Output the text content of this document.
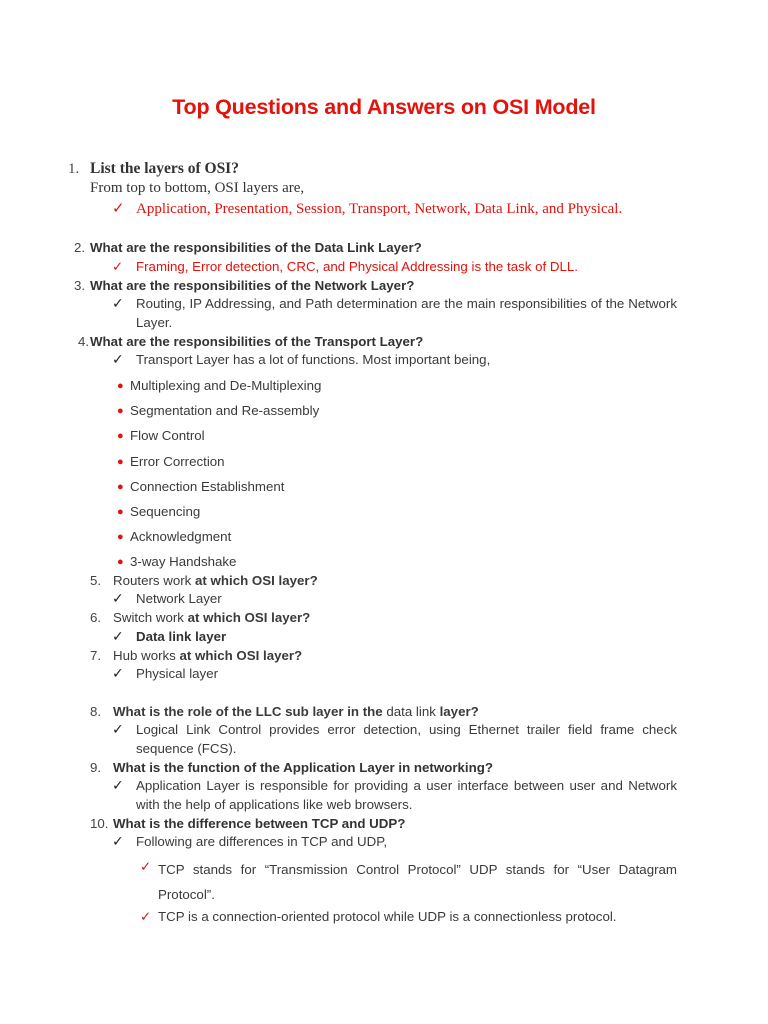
Top Questions and Answers on OSI Model
1. List the layers of OSI?
From top to bottom, OSI layers are,
✓ Application, Presentation, Session, Transport, Network, Data Link, and Physical.
2. What are the responsibilities of the Data Link Layer?
✓ Framing, Error detection, CRC, and Physical Addressing is the task of DLL.
3. What are the responsibilities of the Network Layer?
✓ Routing, IP Addressing, and Path determination are the main responsibilities of the Network Layer.
4. What are the responsibilities of the Transport Layer?
✓ Transport Layer has a lot of functions. Most important being,
● Multiplexing and De-Multiplexing
● Segmentation and Re-assembly
● Flow Control
● Error Correction
● Connection Establishment
● Sequencing
● Acknowledgment
● 3-way Handshake
5. Routers work at which OSI layer?
✓ Network Layer
6. Switch work at which OSI layer?
✓ Data link layer
7. Hub works at which OSI layer?
✓ Physical layer
8. What is the role of the LLC sub layer in the data link layer?
✓ Logical Link Control provides error detection, using Ethernet trailer field frame check sequence (FCS).
9. What is the function of the Application Layer in networking?
✓ Application Layer is responsible for providing a user interface between user and Network with the help of applications like web browsers.
10. What is the difference between TCP and UDP?
✓ Following are differences in TCP and UDP,
✓ TCP stands for “Transmission Control Protocol” UDP stands for “User Datagram Protocol”.
✓ TCP is a connection-oriented protocol while UDP is a connectionless protocol.
